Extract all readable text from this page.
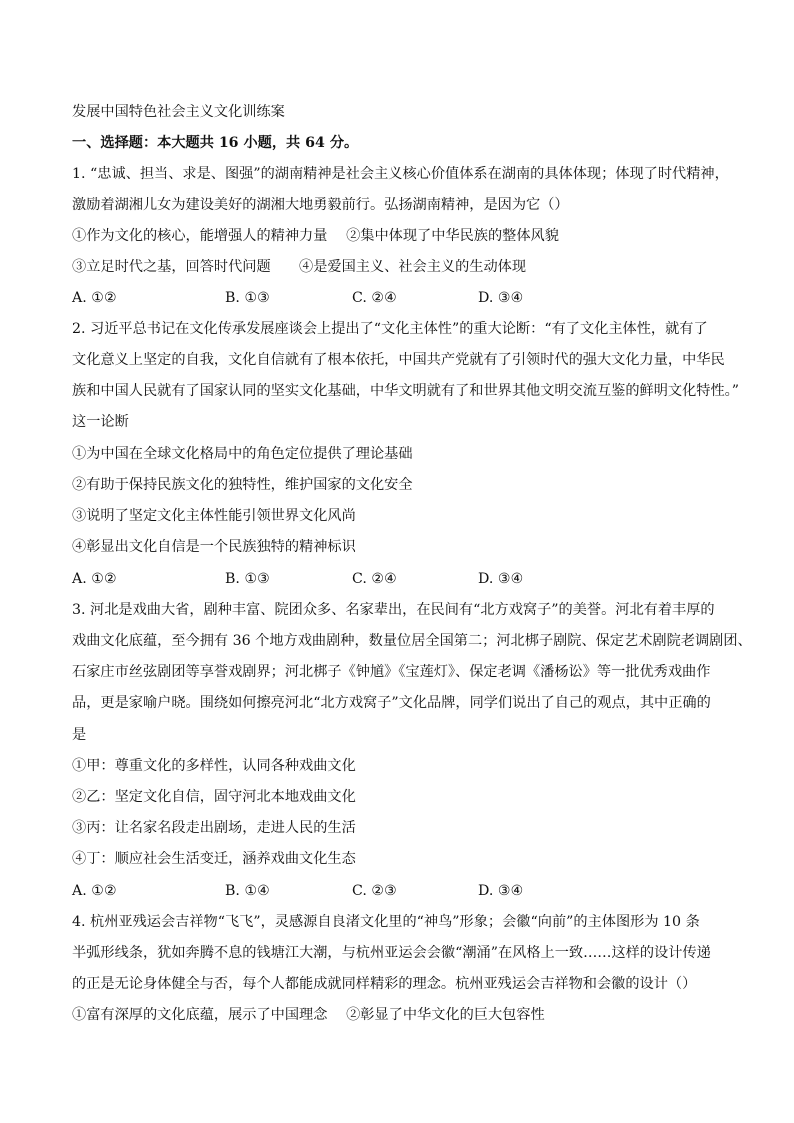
发展中国特色社会主义文化训练案
一、选择题：本大题共 16 小题，共 64 分。
1. “忠诚、担当、求是、图强”的湖南精神是社会主义核心价值体系在湖南的具体体现；体现了时代精神，
激励着湖湘儿女为建设美好的湖湘大地勇毅前行。弘扬湖南精神，是因为它（）
①作为文化的核心，能增强人的精神力量　 ②集中体现了中华民族的整体风貌
③立足时代之基，回答时代问题　　④是爱国主义、社会主义的生动体现
A. ①②	B. ①③	C. ②④	D. ③④
2. 习近平总书记在文化传承发展座谈会上提出了“文化主体性”的重大论断：“有了文化主体性，就有了
文化意义上坚定的自我，文化自信就有了根本依托，中国共产党就有了引领时代的强大文化力量，中华民
族和中国人民就有了国家认同的坚实文化基础，中华文明就有了和世界其他文明交流互鉴的鲜明文化特性。”
这一论断
①为中国在全球文化格局中的角色定位提供了理论基础
②有助于保持民族文化的独特性，维护国家的文化安全
③说明了坚定文化主体性能引领世界文化风尚
④彰显出文化自信是一个民族独特的精神标识
A. ①②	B. ①③	C. ②④	D. ③④
3. 河北是戏曲大省，剧种丰富、院团众多、名家辈出，在民间有“北方戏窝子”的美誉。河北有着丰厚的
戏曲文化底蕴，至今拥有 36 个地方戏曲剧种，数量位居全国第二；河北梆子剧院、保定艺术剧院老调剧团、
石家庄市丝弦剧团等享誉戏剧界；河北梆子《钟馗》《宝莲灯》、保定老调《潘杨讼》等一批优秀戏曲作
品，更是家喻户晓。围绕如何擦亮河北“北方戏窝子”文化品牌，同学们说出了自己的观点，其中正确的
是
①甲：尊重文化的多样性，认同各种戏曲文化
②乙：坚定文化自信，固守河北本地戏曲文化
③丙：让名家名段走出剧场，走进人民的生活
④丁：顺应社会生活变迁，涵养戏曲文化生态
A. ①②	B. ①④	C. ②③	D. ③④
4. 杭州亚残运会吉祥物“飞飞”，灵感源自良渚文化里的“神鸟”形象；会徽“向前”的主体图形为 10 条
半弧形线条，犹如奔腾不息的钱塘江大潮，与杭州亚运会会徽“潮涌”在风格上一致……这样的设计传递
的正是无论身体健全与否，每个人都能成就同样精彩的理念。杭州亚残运会吉祥物和会徽的设计（）
①富有深厚的文化底蕴，展示了中国理念　 ②彰显了中华文化的巨大包容性
